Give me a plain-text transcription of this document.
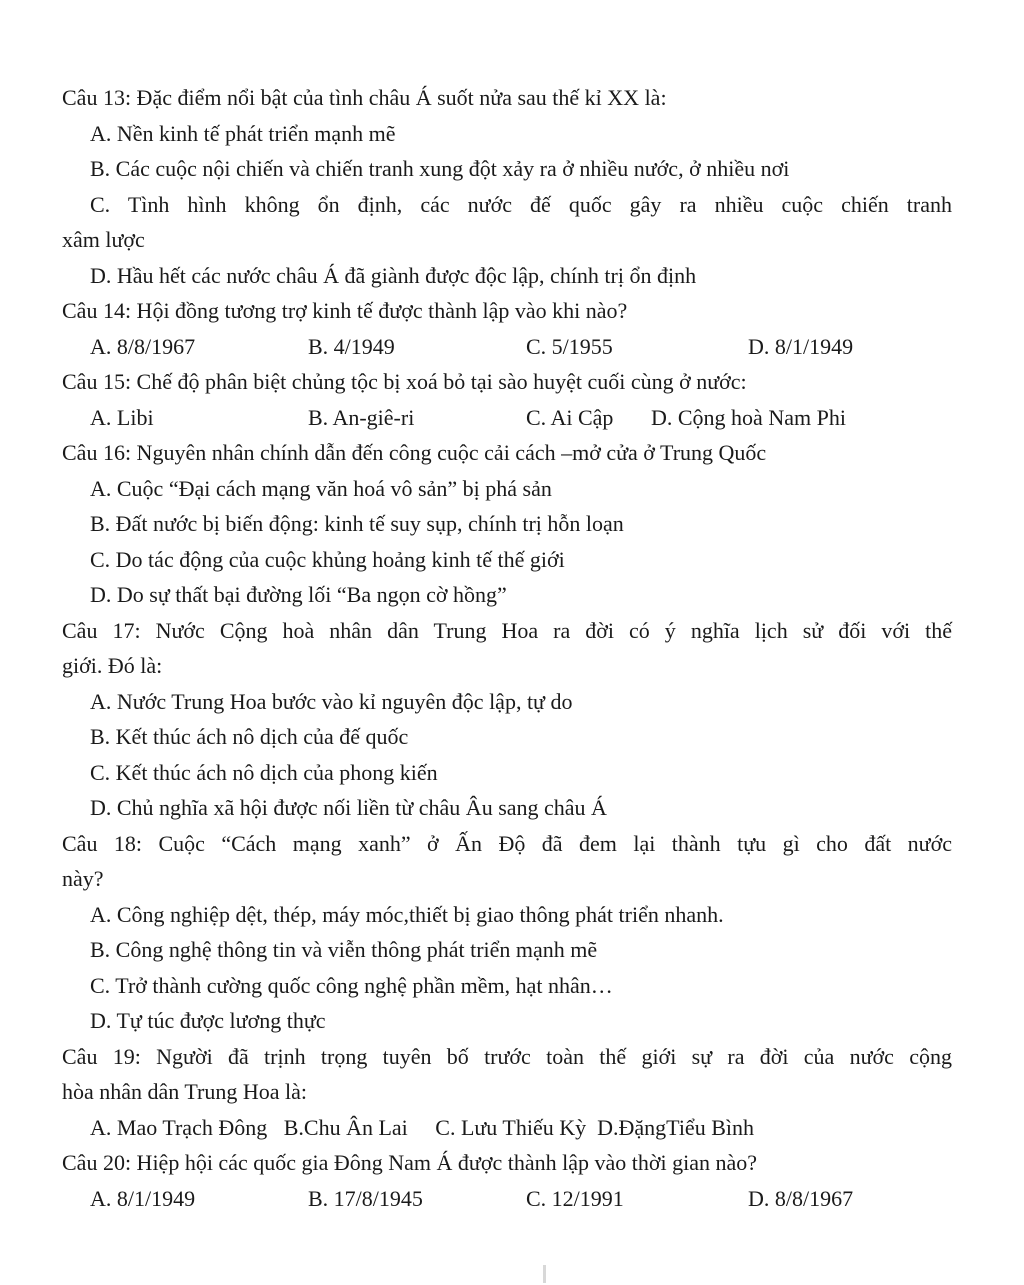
Câu 13: Đặc điểm nổi bật của tình châu Á suốt nửa sau thế kỉ XX là:
A. Nền kinh tế phát triển mạnh mẽ
B. Các cuộc nội chiến và chiến tranh xung đột xảy ra ở nhiều nước, ở nhiều nơi
C. Tình hình không ổn định, các nước đế quốc gây ra nhiều cuộc chiến tranh
xâm lược
D. Hầu hết các nước châu Á đã giành được độc lập, chính trị ổn định
Câu 14: Hội đồng tương trợ kinh tế được thành lập vào khi nào?
A. 8/8/1967	B. 4/1949	C. 5/1955	D. 8/1/1949
Câu 15: Chế độ phân biệt chủng tộc bị xoá bỏ tại sào huyệt cuối cùng ở nước:
A. Libi	B. An-giê-ri	C. Ai Cập	D. Cộng hoà Nam Phi
Câu 16: Nguyên nhân chính dẫn đến công cuộc cải cách –mở cửa ở Trung Quốc
A. Cuộc “Đại cách mạng văn hoá vô sản” bị phá sản
B. Đất nước bị biến động: kinh tế suy sụp, chính trị hỗn loạn
C. Do tác động của cuộc khủng hoảng kinh tế thế giới
D. Do sự thất bại đường lối “Ba ngọn cờ hồng”
Câu 17: Nước Cộng hoà nhân dân Trung Hoa ra đời có ý nghĩa lịch sử đối với thế
giới. Đó là:
A. Nước Trung Hoa bước vào kỉ nguyên độc lập, tự do
B. Kết thúc ách nô dịch của đế quốc
C. Kết thúc ách nô dịch của phong kiến
D. Chủ nghĩa xã hội được nối liền từ châu Âu sang châu Á
Câu 18: Cuộc “Cách mạng xanh” ở Ấn Độ đã đem lại thành tựu gì cho đất nước
này?
A. Công nghiệp dệt, thép, máy móc,thiết bị giao thông phát triển nhanh.
B. Công nghệ thông tin và viễn thông phát triển mạnh mẽ
C. Trở thành cường quốc công nghệ phần mềm, hạt nhân…
D. Tự túc được lương thực
Câu 19: Người đã trịnh trọng tuyên bố trước toàn thế giới sự ra đời của nước cộng
hòa nhân dân Trung Hoa là:
A. Mao Trạch Đông   B.Chu Ân Lai     C. Lưu Thiếu Kỳ  D.ĐặngTiểu Bình
Câu 20: Hiệp hội các quốc gia Đông Nam Á được thành lập vào thời gian nào?
A. 8/1/1949	B. 17/8/1945	C. 12/1991	D. 8/8/1967
